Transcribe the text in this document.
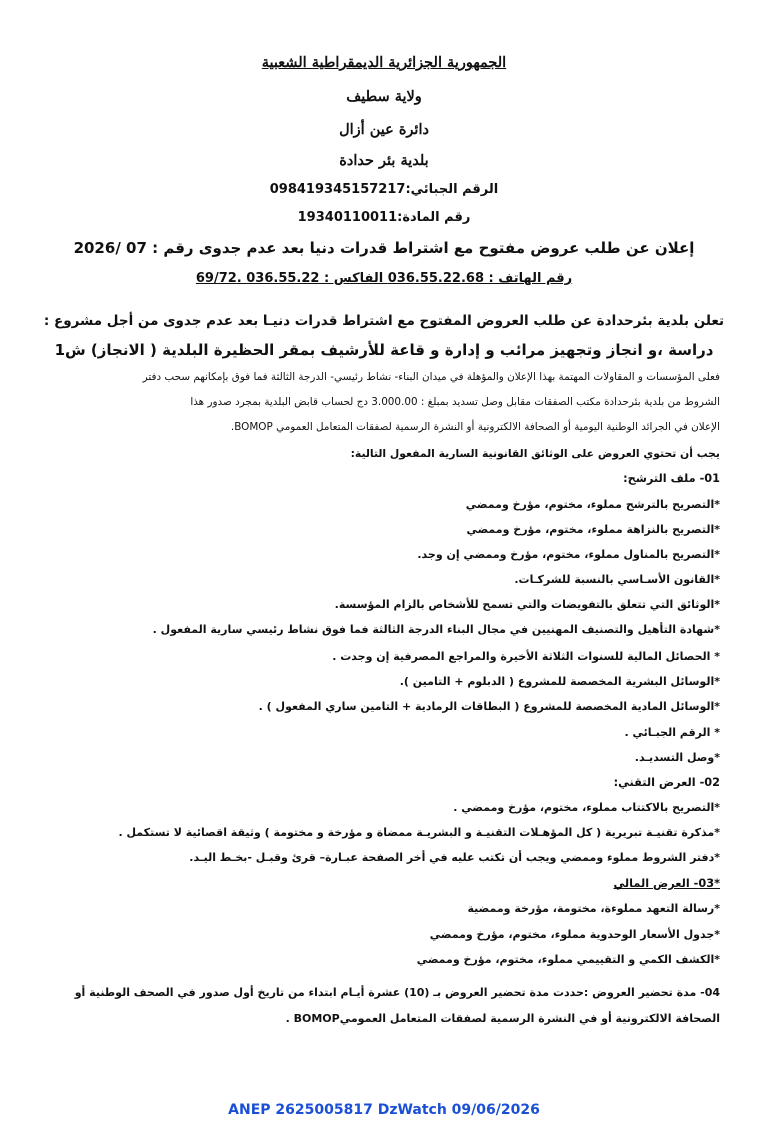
الجمهورية الجزائرية الديمقراطية الشعبية
ولاية سطيف
دائرة عين أزال
بلدية بئر حدادة
الرقم الجبائي:098419345157217
رقم المادة:19340110011
إعلان عن طلب عروض مفتوح مع اشتراط قدرات دنيا بعد عدم جدوى رقم : 07 /2026
رقم الهاتف : 036.55.22.68 الفاكس : 036.55.22 .69/72
تعلن بلدية بئرحدادة عن طلب العروض المفتوح مع اشتراط قدرات دنيـا بعد عدم جدوى من أجل مشروع :
دراسة ،و انجاز وتجهيز مرائب و إدارة و قاعة للأرشيف بمقر الحظيرة البلدية ( الانجاز) ش1
فعلى المؤسسات و المقاولات المهتمة بهذا الإعلان والمؤهلة في ميدان البناء- نشاط رئيسي- الدرجة الثالثة فما فوق بإمكانهم سحب دفتر
الشروط من بلدية بئرحدادة مكتب الصفقات مقابل وصل تسديد بمبلغ : 3.000.00 دج لحساب قابض البلدية بمجرد صدور هذا
الإعلان في الجرائد الوطنية اليومية أو الصحافة الالكترونية أو النشرة الرسمية لصفقات المتعامل العمومي BOMOP.
يجب أن تحتوي العروض على الوثائق القانونية السارية المفعول التالية:
01- ملف الترشح:
*التصريح بالترشح مملوء، مختوم، مؤرخ وممضي
*التصريح بالنزاهة مملوء، مختوم، مؤرخ وممضي
*التصريح بالمناول مملوء، مختوم، مؤرخ وممضي إن وجد.
*القانون الأسـاسي بالنسبة للشركـات.
*الوثائق التي تتعلق بالتفويضات والتي تسمح للأشخاص بالزام المؤسسة.
*شهادة التأهيل والتصنيف المهنيين في مجال البناء الدرجة الثالثة فما فوق نشاط رئيسي سارية المفعول .
* الحصائل المالية للسنوات الثلاثة الأخيرة والمراجع المصرفية إن وجدت .
*الوسائل البشرية المخصصة للمشروع ( الدبلوم + التامين ).
*الوسائل المادية المخصصة للمشروع ( البطاقات الرمادية + التامين ساري المفعول ) .
* الرقم الجبـائي .
*وصل التسديـد.
02- العرض التقني:
*التصريح بالاكتتاب مملوء، مختوم، مؤرخ وممضي .
*مذكرة تقنيـة تبريرية ( كل المؤهـلات التقنيـة و البشريـة ممضاة و مؤرخة و مختومة ) وثيقة اقصائية لا تستكمل .
*دفتر الشروط مملوء وممضي ويجب أن تكتب عليه في أخر الصفحة عبـارة– قرئ وقبـل -بخـط اليـد.
*03- العرض المالي
*رسالة التعهد مملوءة، مختومة، مؤرخة وممضية
*جدول الأسعار الوحدوية مملوء، مختوم، مؤرخ وممضي
*الكشف الكمي و التقييمي مملوء، مختوم، مؤرخ وممضي
04- مدة تحضير العروض :حددت مدة تحضير العروض بـ (10) عشرة أيـام ابتداء من تاريخ أول صدور في الصحف الوطنية أو
الصحافة الالكترونية أو في النشرة الرسمية لصفقات المتعامل العموميBOMOP .
ANEP 2625005817 DzWatch 09/06/2026
